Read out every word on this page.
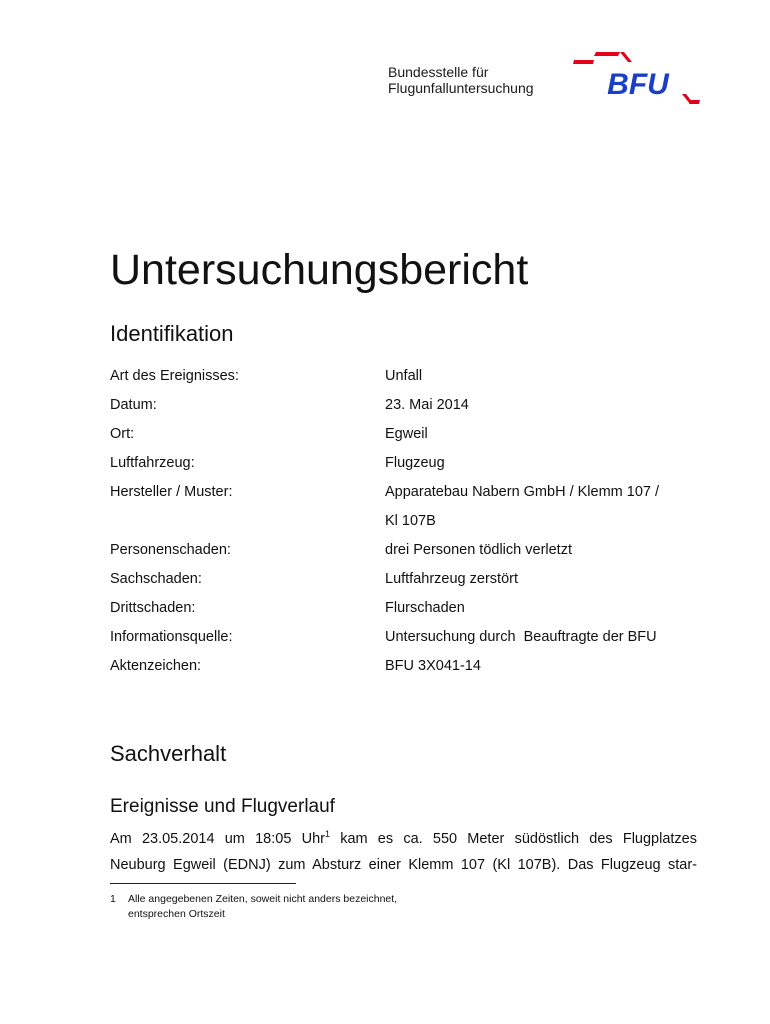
Bundesstelle für
Flugunfalluntersuchung BFU
Untersuchungsbericht
Identifikation
Art des Ereignisses:	Unfall
Datum:	23. Mai 2014
Ort:	Egweil
Luftfahrzeug:	Flugzeug
Hersteller / Muster:	Apparatebau Nabern GmbH / Klemm 107 /
Kl 107B
Personenschaden:	drei Personen tödlich verletzt
Sachschaden:	Luftfahrzeug zerstört
Drittschaden:	Flurschaden
Informationsquelle:	Untersuchung durch  Beauftragte der BFU
Aktenzeichen:	BFU 3X041-14
Sachverhalt
Ereignisse und Flugverlauf
Am 23.05.2014 um 18:05 Uhr$^1$ kam es ca. 550 Meter südöstlich des Flugplatzes
Neuburg Egweil (EDNJ) zum Absturz einer Klemm 107 (Kl 107B). Das Flugzeug star-
1	Alle angegebenen Zeiten, soweit nicht anders bezeichnet,
entsprechen Ortszeit
